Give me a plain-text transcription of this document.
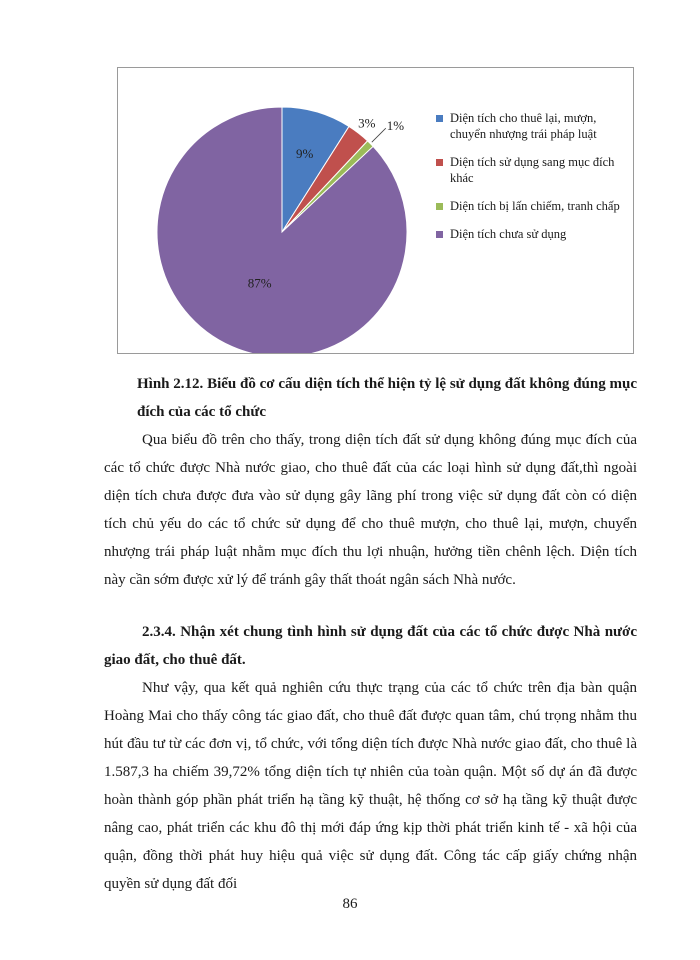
9%
87%
3% 1%
Diện tích cho thuê lại, mượn, chuyển nhượng trái pháp luật
Diện tích sử dụng sang mục đích khác
Diện tích bị lấn chiếm, tranh chấp
Diện tích chưa sử dụng
Hình 2.12. Biểu đồ cơ cấu diện tích thể hiện tỷ lệ sử dụng đất không đúng mục đích của các tổ chức
Qua biểu đồ trên cho thấy, trong diện tích đất sử dụng không đúng mục đích của các tổ chức được Nhà nước giao, cho thuê đất của các loại hình sử dụng đất,thì ngoài diện tích chưa được đưa vào sử dụng gây lãng phí trong việc sử dụng đất còn có diện tích chủ yếu do các tổ chức sử dụng để cho thuê mượn, cho thuê lại, mượn, chuyển nhượng trái pháp luật nhằm mục đích thu lợi nhuận, hưởng tiền chênh lệch. Diện tích này cần sớm được xử lý để tránh gây thất thoát ngân sách Nhà nước.
2.3.4. Nhận xét chung tình hình sử dụng đất của các tổ chức được Nhà nước giao đất, cho thuê đất.
Như vậy, qua kết quả nghiên cứu thực trạng của các tổ chức trên địa bàn quận Hoàng Mai cho thấy công tác giao đất, cho thuê đất được quan tâm, chú trọng nhằm thu hút đầu tư từ các đơn vị, tổ chức, với tổng diện tích được Nhà nước giao đất, cho thuê là 1.587,3 ha chiếm 39,72% tổng diện tích tự nhiên của toàn quận. Một số dự án đã được hoàn thành góp phần phát triển hạ tầng kỹ thuật, hệ thống cơ sở hạ tầng kỹ thuật được nâng cao, phát triển các khu đô thị mới đáp ứng kịp thời phát triển kinh tế - xã hội của quận, đồng thời phát huy hiệu quả việc sử dụng đất. Công tác cấp giấy chứng nhận quyền sử dụng đất đối
86
